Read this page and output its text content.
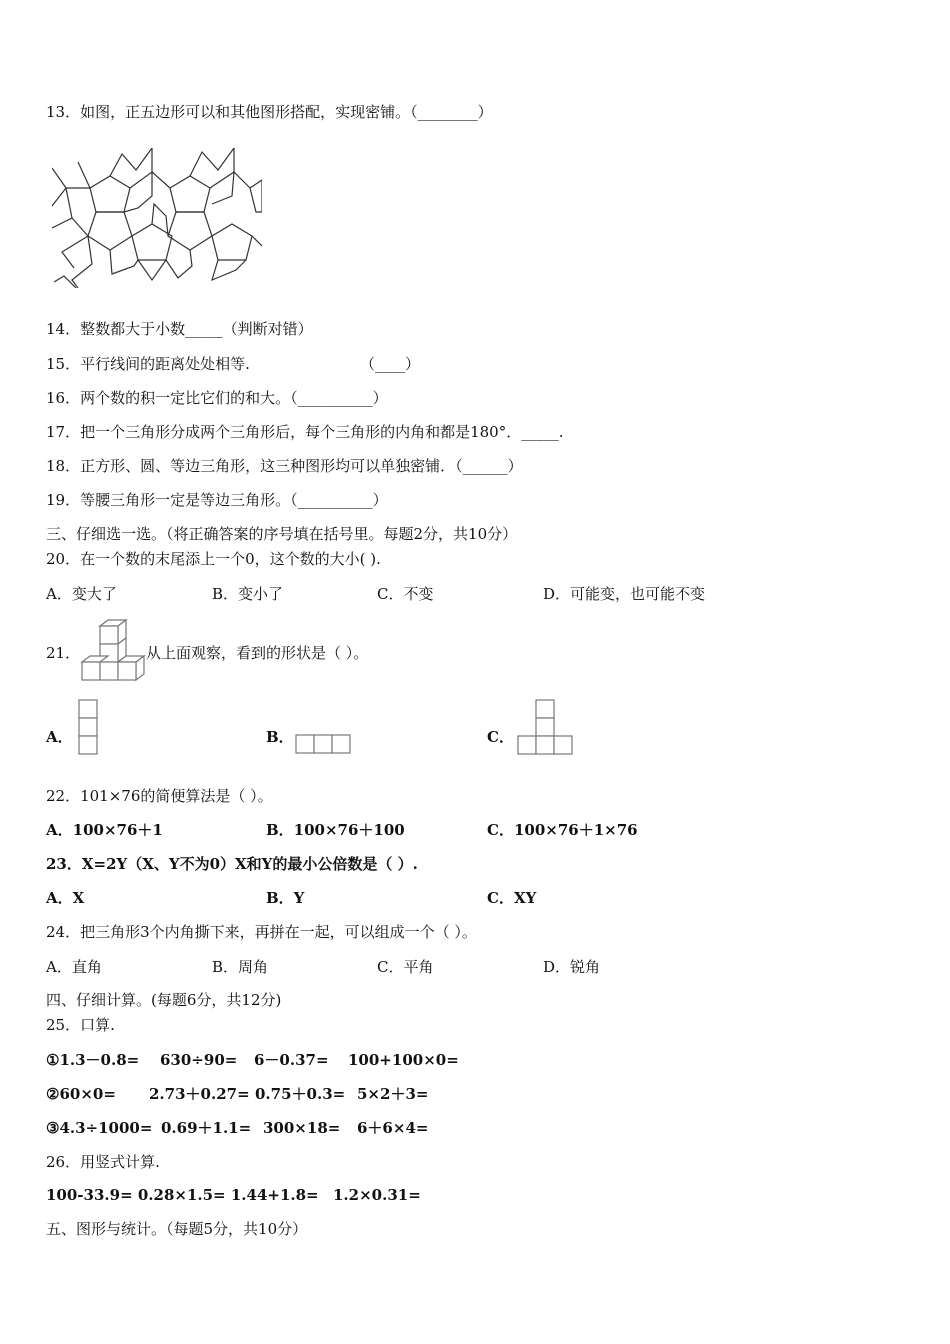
13．如图，正五边形可以和其他图形搭配，实现密铺。（________）
14．整数都大于小数_____（判断对错）
15．平行线间的距离处处相等.	（____）
16．两个数的积一定比它们的和大。（__________）
17．把一个三角形分成两个三角形后，每个三角形的内角和都是180°．_____.
18．正方形、圆、等边三角形，这三种图形均可以单独密铺．（______）
19．等腰三角形一定是等边三角形。（__________）
三、仔细选一选。（将正确答案的序号填在括号里。每题2分，共10分）
20．在一个数的末尾添上一个0，这个数的大小( ).
A．变大了	B．变小了	C．不变	D．可能变，也可能不变
21．	从上面观察，看到的形状是（ ）。
A．	B．	C．
22．101×76的简便算法是（ ）。
A．100×76＋1	B．100×76＋100	C．100×76＋1×76
23．X=2Y（X、Y不为0）X和Y的最小公倍数是（ ）.
A．X	B．Y	C．XY
24．把三角形3个内角撕下来，再拼在一起，可以组成一个（ ）。
A．直角	B．周角	C．平角	D．锐角
四、仔细计算。(每题6分，共12分)
25．口算.
①1.3－0.8= 630÷90= 6－0.37= 100+100×0=
②60×0= 2.73＋0.27= 0.75＋0.3= 5×2＋3=
③4.3÷1000= 0.69＋1.1= 300×18= 6＋6×4=
26．用竖式计算.
100-33.9= 0.28×1.5= 1.44+1.8= 1.2×0.31=
五、图形与统计。（每题5分，共10分）
